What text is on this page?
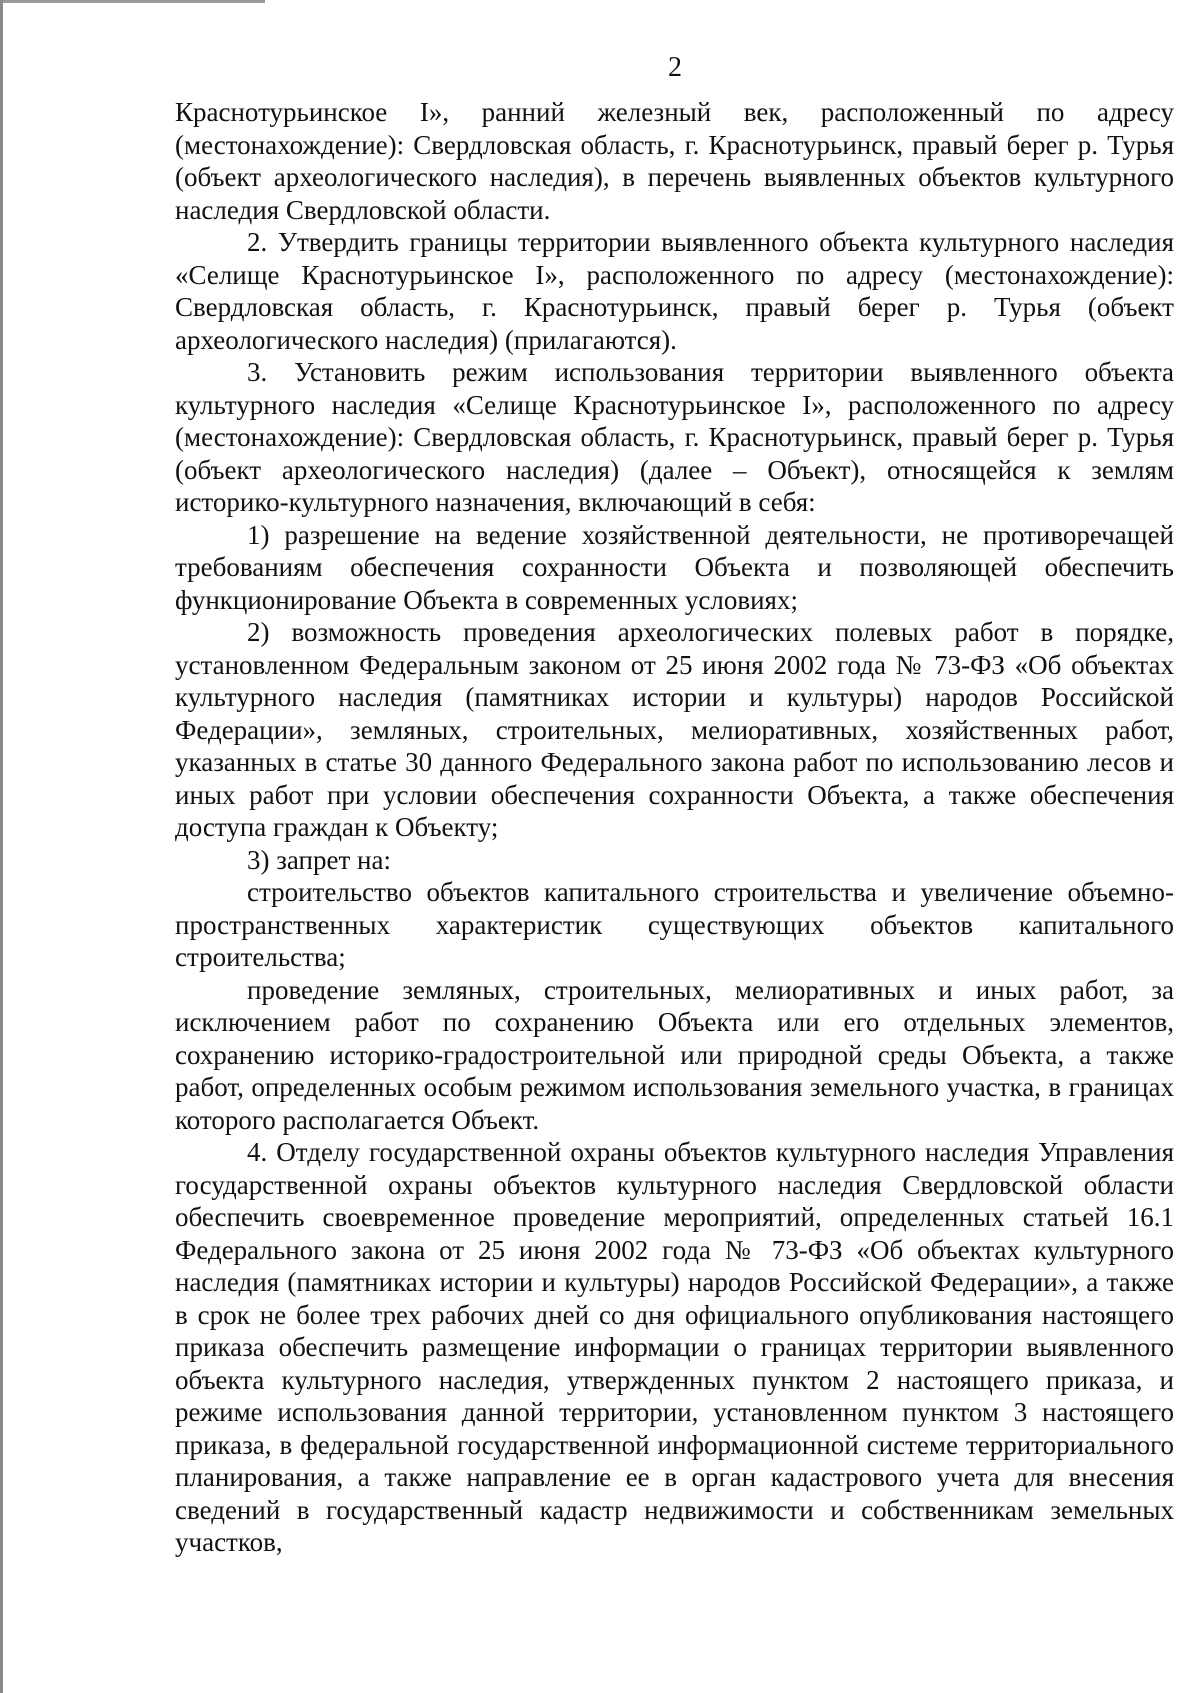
2

Краснотурьинское I», ранний железный век, расположенный по адресу (местонахождение): Свердловская область, г. Краснотурьинск, правый берег р. Турья (объект археологического наследия), в перечень выявленных объектов культурного наследия Свердловской области.

2. Утвердить границы территории выявленного объекта культурного наследия «Селище Краснотурьинское I», расположенного по адресу (местонахождение): Свердловская область, г. Краснотурьинск, правый берег р. Турья (объект археологического наследия) (прилагаются).

3. Установить режим использования территории выявленного объекта культурного наследия «Селище Краснотурьинское I», расположенного по адресу (местонахождение): Свердловская область, г. Краснотурьинск, правый берег р. Турья (объект археологического наследия) (далее – Объект), относящейся к землям историко-культурного назначения, включающий в себя:

1) разрешение на ведение хозяйственной деятельности, не противоречащей требованиям обеспечения сохранности Объекта и позволяющей обеспечить функционирование Объекта в современных условиях;

2) возможность проведения археологических полевых работ в порядке, установленном Федеральным законом от 25 июня 2002 года № 73-ФЗ «Об объектах культурного наследия (памятниках истории и культуры) народов Российской Федерации», земляных, строительных, мелиоративных, хозяйственных работ, указанных в статье 30 данного Федерального закона работ по использованию лесов и иных работ при условии обеспечения сохранности Объекта, а также обеспечения доступа граждан к Объекту;

3) запрет на:

строительство объектов капитального строительства и увеличение объемно-пространственных характеристик существующих объектов капитального строительства;

проведение земляных, строительных, мелиоративных и иных работ, за исключением работ по сохранению Объекта или его отдельных элементов, сохранению историко-градостроительной или природной среды Объекта, а также работ, определенных особым режимом использования земельного участка, в границах которого располагается Объект.

4. Отделу государственной охраны объектов культурного наследия Управления государственной охраны объектов культурного наследия Свердловской области обеспечить своевременное проведение мероприятий, определенных статьей 16.1 Федерального закона от 25 июня 2002 года № 73-ФЗ «Об объектах культурного наследия (памятниках истории и культуры) народов Российской Федерации», а также в срок не более трех рабочих дней со дня официального опубликования настоящего приказа обеспечить размещение информации о границах территории выявленного объекта культурного наследия, утвержденных пунктом 2 настоящего приказа, и режиме использования данной территории, установленном пунктом 3 настоящего приказа, в федеральной государственной информационной системе территориального планирования, а также направление ее в орган кадастрового учета для внесения сведений в государственный кадастр недвижимости и собственникам земельных участков,
